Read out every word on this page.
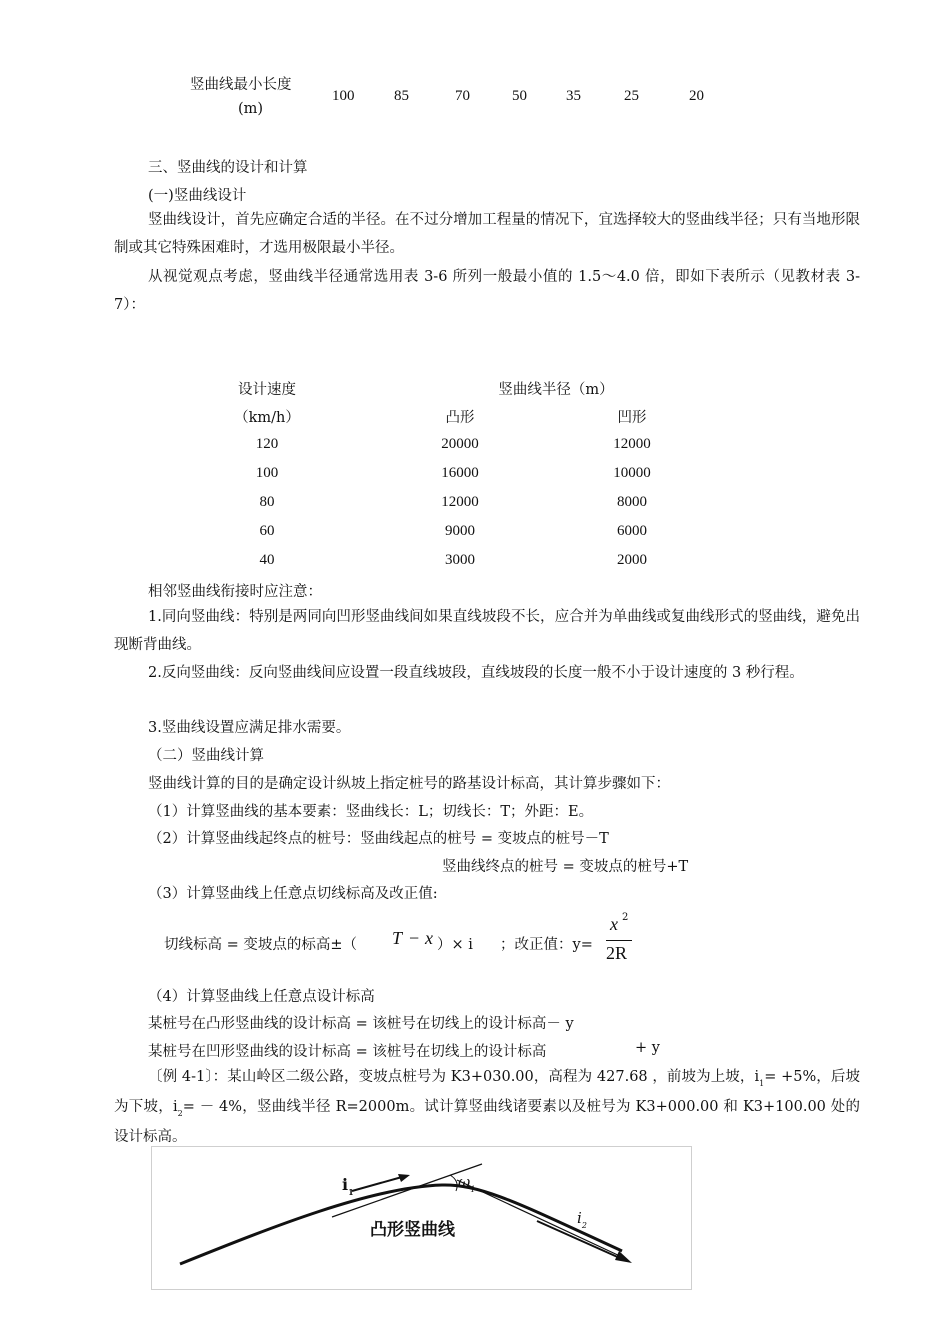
竖曲线最小长度
(m)
100	85	70	50	35	25	20
三、竖曲线的设计和计算
(一)竖曲线设计
竖曲线设计，首先应确定合适的半径。在不过分增加工程量的情况下，宜选择较大的竖曲线半径；只有当地形限制或其它特殊困难时，才选用极限最小半径。
从视觉观点考虑，竖曲线半径通常选用表 3-6 所列一般最小值的 1.5～4.0 倍，即如下表所示（见教材表 3-7）：
设计速度
（km/h）
竖曲线半径（m）
凸形	凹形
120	20000	12000
100	16000	10000
80	12000	8000
60	9000	6000
40	3000	2000
相邻竖曲线衔接时应注意：
1.同向竖曲线：特别是两同向凹形竖曲线间如果直线坡段不长，应合并为单曲线或复曲线形式的竖曲线，避免出现断背曲线。
2.反向竖曲线：反向竖曲线间应设置一段直线坡段，直线坡段的长度一般不小于设计速度的 3 秒行程。
3.竖曲线设置应满足排水需要。
（二）竖曲线计算
竖曲线计算的目的是确定设计纵坡上指定桩号的路基设计标高，其计算步骤如下：
（1）计算竖曲线的基本要素：竖曲线长：L；切线长：T；外距：E。
（2）计算竖曲线起终点的桩号：竖曲线起点的桩号 = 变坡点的桩号－T
竖曲线终点的桩号 = 变坡点的桩号+T
（3）计算竖曲线上任意点切线标高及改正值:
切线标高 = 变坡点的标高±（ T − x ）× i ；改正值：y=
x 2
2R
（4）计算竖曲线上任意点设计标高
某桩号在凸形竖曲线的设计标高 = 该桩号在切线上的设计标高－ y
某桩号在凹形竖曲线的设计标高 = 该桩号在切线上的设计标高	+ y
〔例 4-1〕：某山岭区二级公路，变坡点桩号为 K3+030.00，高程为 427.68 ，前坡为上坡，$i_1= +5\%$，后坡为下坡，$i_2= - 4\%$，竖曲线半径 R=2000m。试计算竖曲线诸要素以及桩号为 K3+000.00 和 K3+100.00 处的设计标高。
$i_1$
$\omega_1$
$i_2$
凸形竖曲线
